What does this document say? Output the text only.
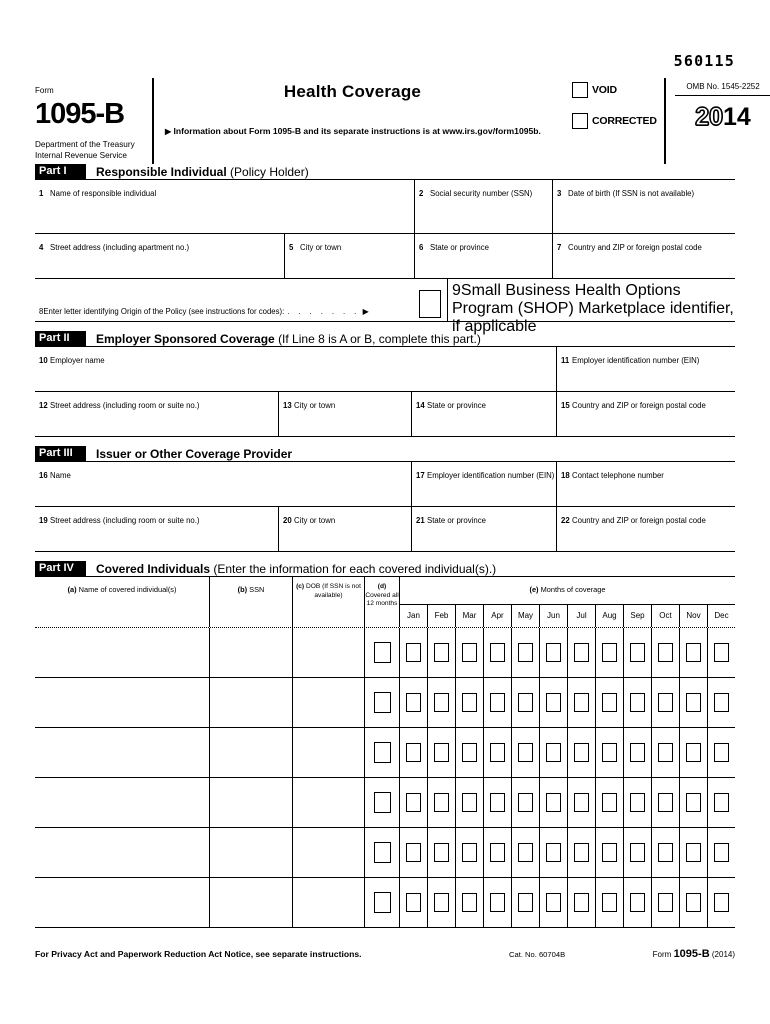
560115
Form1095-B
Department of the Treasury
Internal Revenue Service
Health Coverage
▶ Information about Form 1095-B and its separate instructions is at www.irs.gov/form1095b.
VOID
CORRECTED
OMB No. 1545-2252
2014
Part I	Responsible Individual (Policy Holder)
1 Name of responsible individual	2 Social security number (SSN)	3 Date of birth (If SSN is not available)
4 Street address (including apartment no.)	5 City or town	6 State or province	7 Country and ZIP or foreign postal code
8Enter letter identifying Origin of the Policy (see instructions for codes): . . . . . . . ▶
9Small Business Health Options Program (SHOP) Marketplace identifier, if applicable
Part II	Employer Sponsored Coverage (If Line 8 is A or B, complete this part.)
10 Employer name	11 Employer identification number (EIN)
12 Street address (including room or suite no.)	13 City or town	14 State or province	15 Country and ZIP or foreign postal code
Part III	Issuer or Other Coverage Provider
16 Name	17 Employer identification number (EIN) 18 Contact telephone number
19 Street address (including room or suite no.)	20 City or town	21 State or province	22 Country and ZIP or foreign postal code
Part IV	Covered Individuals (Enter the information for each covered individual(s).)
(a) Name of covered individual(s)	(b) SSN	(c) DOB (If SSN is not available)
(d) Covered all 12 months
(e) Months of coverage
Jan	Feb	Mar	Apr	May	Jun	Jul	Aug	Sep	Oct	Nov	Dec
For Privacy Act and Paperwork Reduction Act Notice, see separate instructions.	Cat. No. 60704B	Form 1095-B (2014)
